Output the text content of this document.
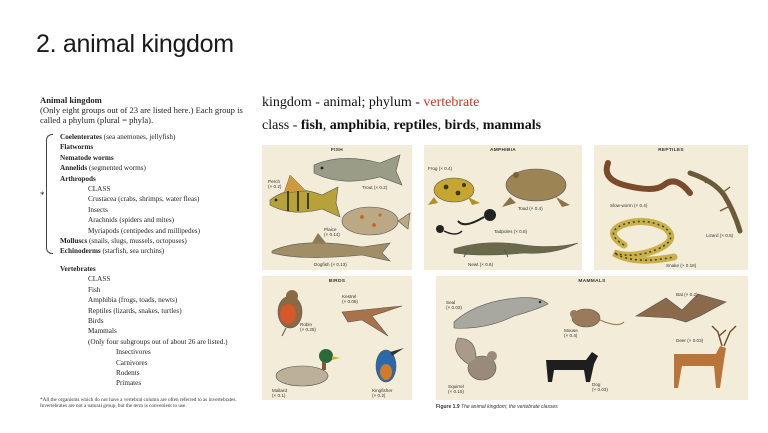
2. animal kingdom
Animal kingdom
(Only eight groups out of 23 are listed here.) Each group is called a phylum (plural = phyla).
*
Coelenterates (sea anemones, jellyfish)
Flatworms
Nematode worms
Annelids (segmented worms)
Arthropods
CLASS
Crustacea (crabs, shrimps, water fleas)
Insects
Arachnids (spiders and mites)
Myriapods (centipedes and millipedes)
Molluscs (snails, slugs, mussels, octopuses)
Echinoderms (starfish, sea urchins)
Vertebrates
CLASS
Fish
Amphibia (frogs, toads, newts)
Reptiles (lizards, snakes, turtles)
Birds
Mammals
(Only four subgroups out of about 26 are listed.)
Insectivores
Carnivores
Rodents
Primates
*All the organisms which do not have a vertebral column are often referred to as invertebrates. Invertebrates are not a natural group, but the term is convenient to use.
kingdom - animal; phylum - vertebrate
class - fish, amphibia, reptiles, birds, mammals
FISH
Perch
(× 0.2)	Trout (× 0.2)
Plaice
(× 0.14)
Dogfish (× 0.13)
AMPHIBIA
Frog (× 0.4)
Toad (× 0.4)
Tadpoles (× 0.8)
Newt (× 0.6)
REPTILES
Slow-worm (× 0.4)
Lizard (× 0.5)
Snake (× 0.16)
BIRDS
Robin
(× 0.25)
Kestrel
(× 0.06)
Mallard
(× 0.1)
Kingfisher
(× 0.2)
MAMMALS
Seal
(× 0.03)
Bat (× 0.2)
Mouse
(× 0.4)
Deer (× 0.03)
Squirrel
(× 0.15)
Dog
(× 0.03)
Figure 1.9 The animal kingdom; the vertebrate classes
